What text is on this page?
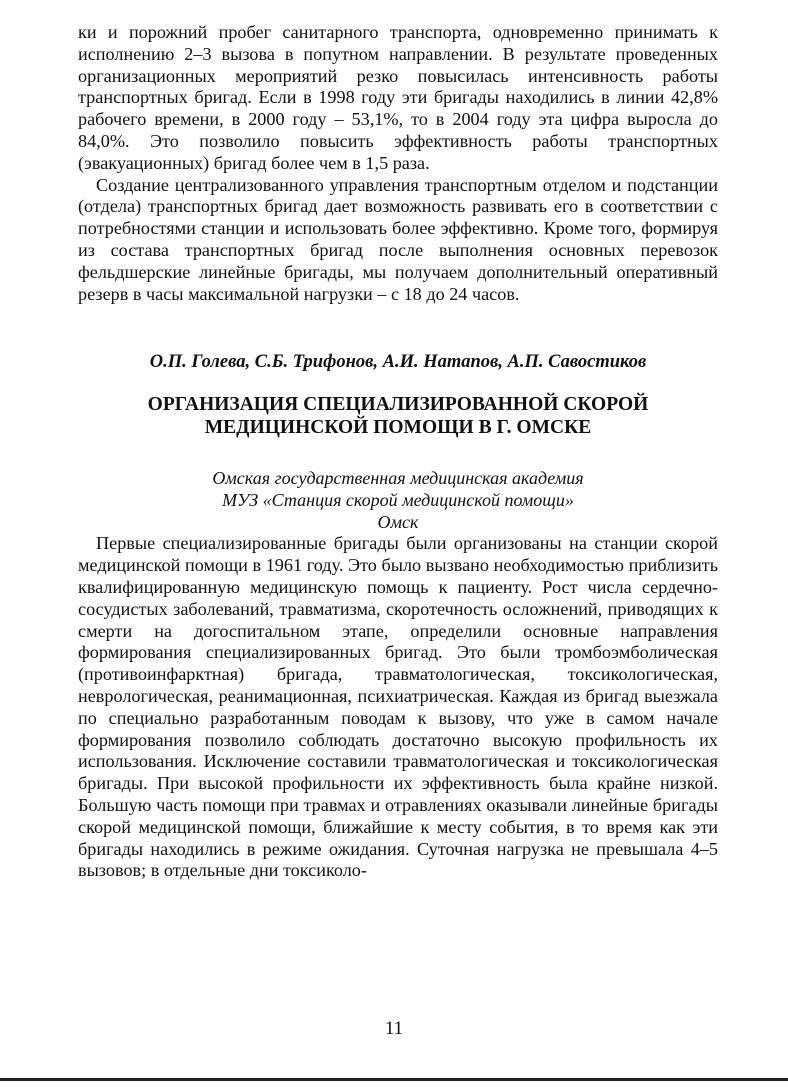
ки и порожний пробег санитарного транспорта, одновременно принимать к исполнению 2–3 вызова в попутном направлении. В результате проведенных организационных мероприятий резко повысилась интенсивность работы транспортных бригад. Если в 1998 году эти бригады находились в линии 42,8% рабочего времени, в 2000 году – 53,1%, то в 2004 году эта цифра выросла до 84,0%. Это позволило повысить эффективность работы транспортных (эвакуационных) бригад более чем в 1,5 раза.

Создание централизованного управления транспортным отделом и подстанции (отдела) транспортных бригад дает возможность развивать его в соответствии с потребностями станции и использовать более эффективно. Кроме того, формируя из состава транспортных бригад после выполнения основных перевозок фельдшерские линейные бригады, мы получаем дополнительный оперативный резерв в часы максимальной нагрузки – с 18 до 24 часов.

О.П. Голева, С.Б. Трифонов, А.И. Натапов, А.П. Савостиков
ОРГАНИЗАЦИЯ СПЕЦИАЛИЗИРОВАННОЙ СКОРОЙ
МЕДИЦИНСКОЙ ПОМОЩИ В Г. ОМСКЕ
Омская государственная медицинская академия
МУЗ «Станция скорой медицинской помощи»
Омск

Первые специализированные бригады были организованы на станции скорой медицинской помощи в 1961 году. Это было вызвано необходимостью приблизить квалифицированную медицинскую помощь к пациенту. Рост числа сердечно-сосудистых заболеваний, травматизма, скоротечность осложнений, приводящих к смерти на догоспитальном этапе, определили основные направления формирования специализированных бригад. Это были тромбоэмболическая (противоинфарктная) бригада, травматологическая, токсикологическая, неврологическая, реанимационная, психиатрическая. Каждая из бригад выезжала по специально разработанным поводам к вызову, что уже в самом начале формирования позволило соблюдать достаточно высокую профильность их использования. Исключение составили травматологическая и токсикологическая бригады. При высокой профильности их эффективность была крайне низкой. Большую часть помощи при травмах и отравлениях оказывали линейные бригады скорой медицинской помощи, ближайшие к месту события, в то время как эти бригады находились в режиме ожидания. Суточная нагрузка не превышала 4–5 вызовов; в отдельные дни токсиколо-

11
